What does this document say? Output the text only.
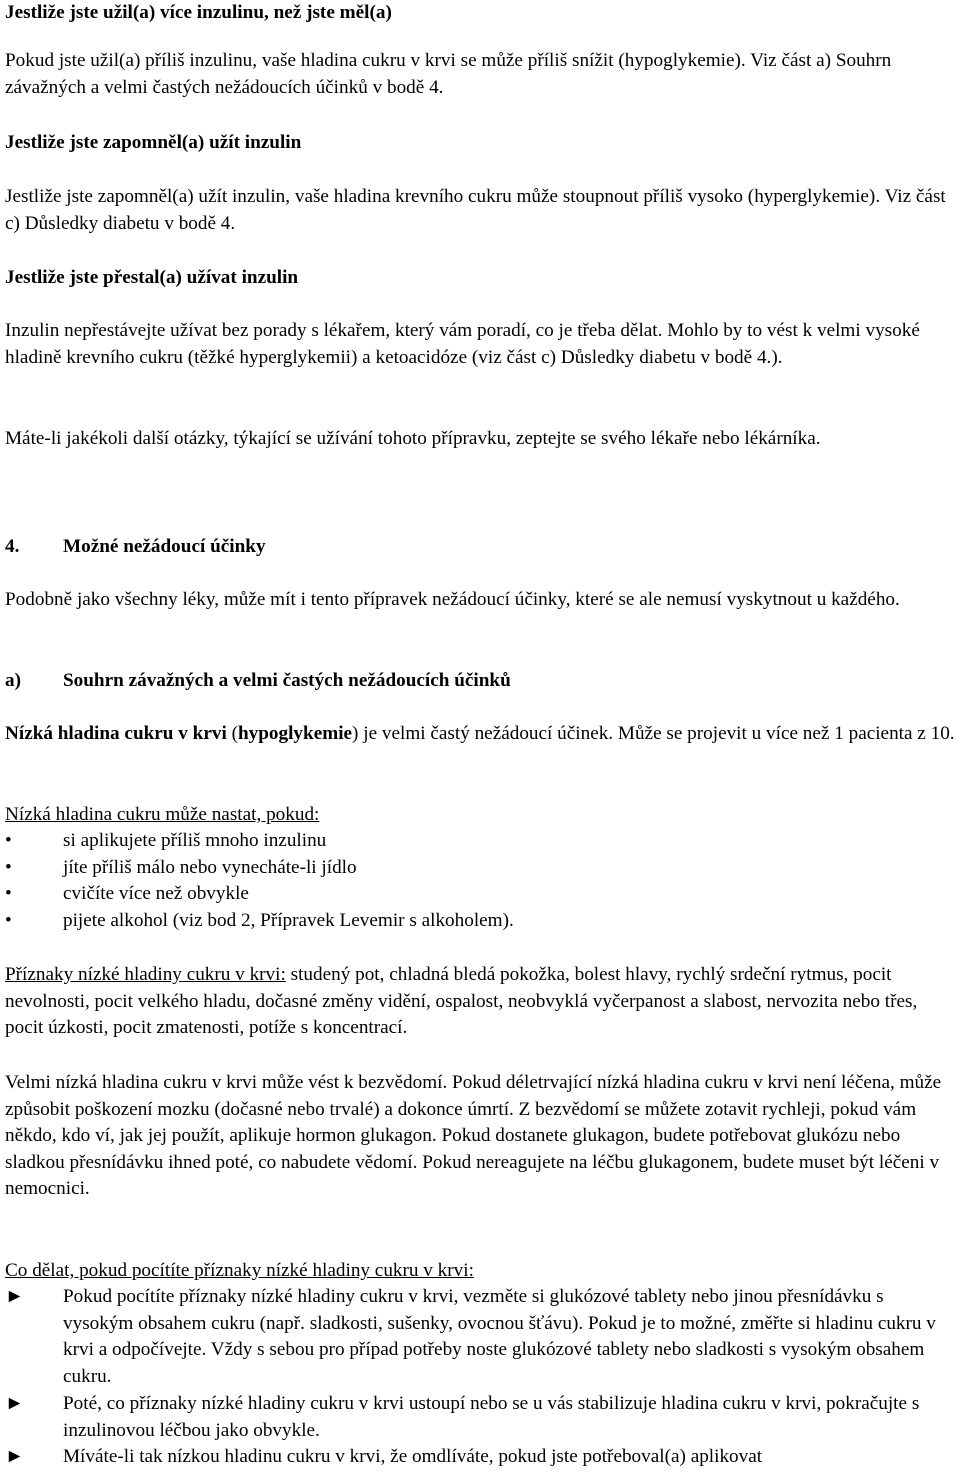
Jestliže jste užil(a) více inzulinu, než jste měl(a)

Pokud jste užil(a) příliš inzulinu, vaše hladina cukru v krvi se může příliš snížit (hypoglykemie). Viz část a) Souhrn závažných a velmi častých nežádoucích účinků v bodě 4.

Jestliže jste zapomněl(a) užít inzulin

Jestliže jste zapomněl(a) užít inzulin, vaše hladina krevního cukru může stoupnout příliš vysoko (hyperglykemie). Viz část c) Důsledky diabetu v bodě 4.

Jestliže jste přestal(a) užívat inzulin

Inzulin nepřestávejte užívat bez porady s lékařem, který vám poradí, co je třeba dělat. Mohlo by to vést k velmi vysoké hladině krevního cukru (těžké hyperglykemii) a ketoacidóze (viz část c) Důsledky diabetu v bodě 4.).

Máte-li jakékoli další otázky, týkající se užívání tohoto přípravku, zeptejte se svého lékaře nebo lékárníka.

4. Možné nežádoucí účinky

Podobně jako všechny léky, může mít i tento přípravek nežádoucí účinky, které se ale nemusí vyskytnout u každého.

a) Souhrn závažných a velmi častých nežádoucích účinků

Nízká hladina cukru v krvi (hypoglykemie) je velmi častý nežádoucí účinek. Může se projevit u více než 1 pacienta z 10.

Nízká hladina cukru může nastat, pokud:

•	si aplikujete příliš mnoho inzulinu
•	jíte příliš málo nebo vynecháte-li jídlo
•	cvičíte více než obvykle
•	pijete alkohol (viz bod 2, Přípravek Levemir s alkoholem).

Příznaky nízké hladiny cukru v krvi: studený pot, chladná bledá pokožka, bolest hlavy, rychlý srdeční rytmus, pocit nevolnosti, pocit velkého hladu, dočasné změny vidění, ospalost, neobvyklá vyčerpanost a slabost, nervozita nebo třes, pocit úzkosti, pocit zmatenosti, potíže s koncentrací.

Velmi nízká hladina cukru v krvi může vést k bezvědomí. Pokud déletrvající nízká hladina cukru v krvi není léčena, může způsobit poškození mozku (dočasné nebo trvalé) a dokonce úmrtí. Z bezvědomí se můžete zotavit rychleji, pokud vám někdo, kdo ví, jak jej použít, aplikuje hormon glukagon. Pokud dostanete glukagon, budete potřebovat glukózu nebo sladkou přesnídávku ihned poté, co nabudete vědomí. Pokud nereagujete na léčbu glukagonem, budete muset být léčeni v nemocnici.

Co dělat, pokud pocítíte příznaky nízké hladiny cukru v krvi:

► Pokud pocítíte příznaky nízké hladiny cukru v krvi, vezměte si glukózové tablety nebo jinou přesnídávku s vysokým obsahem cukru (např. sladkosti, sušenky, ovocnou šťávu). Pokud je to možné, změřte si hladinu cukru v krvi a odpočívejte. Vždy s sebou pro případ potřeby noste glukózové tablety nebo sladkosti s vysokým obsahem cukru.
► Poté, co příznaky nízké hladiny cukru v krvi ustoupí nebo se u vás stabilizuje hladina cukru v krvi, pokračujte s inzulinovou léčbou jako obvykle.
► Míváte-li tak nízkou hladinu cukru v krvi, že omdlíváte, pokud jste potřeboval(a) aplikovat
